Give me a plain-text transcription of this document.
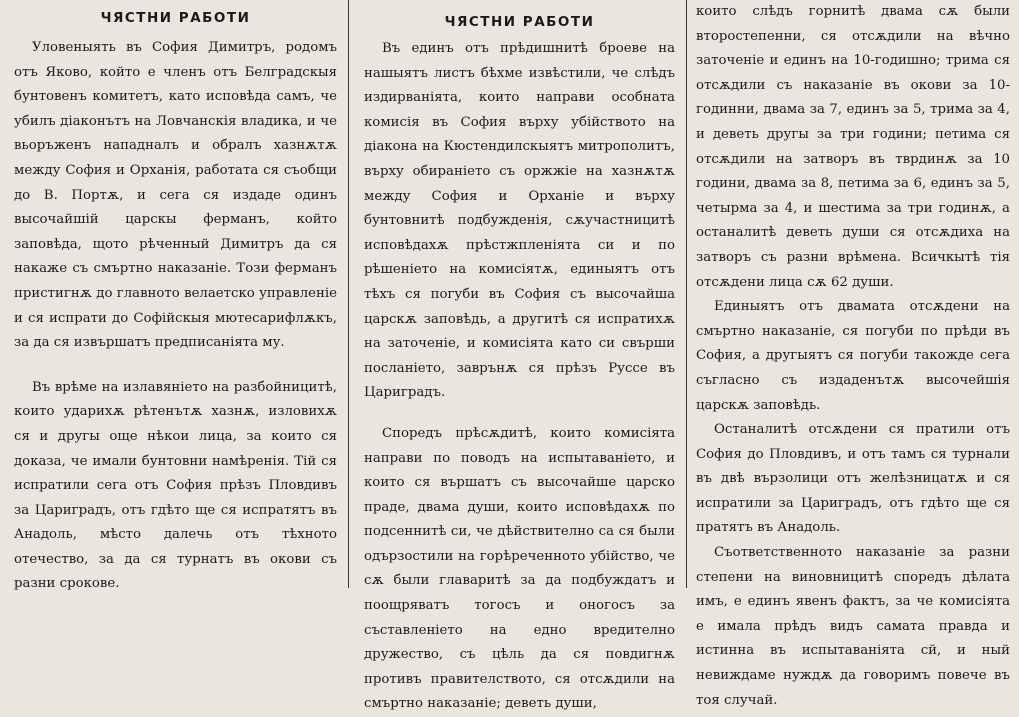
ЧЯСТНИ РАБОТИ

Уловеныять въ София Димитръ, родомъ отъ Яково, който е членъ отъ Белградскыя бунтовенъ комитетъ, като исповѣда самъ, че убилъ діаконътъ на Ловчанскія владика, и че вьоръженъ нападналъ и обралъ хазнѫтѫ между София и Орханія, работата ся съобщи до В. Портѫ, и сега ся издаде одинъ высочайшій царскы ферманъ, който заповѣда, щото рѣченный Димитръ да ся накаже съ смъртно наказаніе. Този ферманъ пристигнѫ до главното велаетско управленіе и ся испрати до Софійскыя мютесарифлѫкъ, за да ся извършатъ предписаніята му.

Въ врѣме на излавяніето на разбойницитѣ, които ударихѫ рѣтенътѫ хазнѫ, изловихѫ ся и другы още нѣкои лица, за които ся доказа, че имали бунтовни намѣренія. Тій ся испратили сега отъ София прѣзъ Пловдивъ за Цариградъ, отъ гдѣто ще ся испратятъ въ Анадоль, мѣсто далечь отъ тѣхното отечество, за да ся турнатъ въ окови съ разни срокове.

ЧЯСТНИ РАБОТИ

Въ единъ отъ прѣдишнитѣ броеве на нашыятъ листъ бѣхме извѣстили, че слѣдъ издирваніята, които направи особната комисія въ София върху убійството на діакона на Кюстендилскыятъ митрополитъ, върху обираніето съ оржжіе на хазнѫтѫ между София и Орханіе и върху бунтовнитѣ подбужденія, сѫучастницитѣ исповѣдахѫ прѣстжпленіята си и по рѣшеніето на комисіятѫ, единыятъ отъ тѣхъ ся погуби въ София съ высочайша царскѫ заповѣдь, а другитѣ ся испратихѫ на заточеніе, и комисіята като си свърши посланіето, заврънѫ ся прѣзъ Руссе въ Цариградъ.

Споредъ прѣсѫдитѣ, които комисіята направи по поводъ на испытаваніето, и които ся вършатъ съ высочайше царско праде, двама души, които исповѣдахѫ по подсеннитѣ си, че дѣйствително са ся были одързостили на горѣреченното убійство, че сѫ были главаритѣ за да подбуждатъ и поощряватъ тогосъ и оногосъ за съставленіето на едно вредително дружество, съ цѣль да ся повдигнѫ противъ правителството, ся отсѫдили на смъртно наказаніе; деветь души,

които слѣдъ горнитѣ двама сѫ были второстепенни, ся отсѫдили на вѣчно заточеніе и единъ на 10-годишно; трима ся отсѫдили съ наказаніе въ окови за 10-годинни, двама за 7, единъ за 5, трима за 4, и деветь другы за три години; петима ся отсѫдили на затворъ въ тврдинѫ за 10 години, двама за 8, петима за 6, единъ за 5, четырма за 4, и шестима за три годинѫ, а останалитѣ деветь души ся отсѫдиха на затворъ съ разни врѣмена. Всичкытѣ тія отсѫдени лица сѫ 62 души.

Единыятъ отъ двамата отсѫдени на смъртно наказаніе, ся погуби по прѣди въ София, а другыятъ ся погуби такожде сега съгласно съ издаденътѫ высочейшія царскѫ заповѣдь.

Останалитѣ отсѫдени ся пратили отъ София до Пловдивъ, и отъ тамъ ся турнали въ двѣ вързолици отъ желѣзницатѫ и ся испратили за Цариградъ, отъ гдѣто ще ся пратятъ въ Анадоль.

Съответственното наказаніе за разни степени на виновницитѣ споредъ дѣлата имъ, е единъ явенъ фактъ, за че комисіята е имала прѣдъ видъ самата правда и истинна въ испытаваніята сй, и ный невиждаме нуждѫ да говоримъ повече въ тоя случай.
